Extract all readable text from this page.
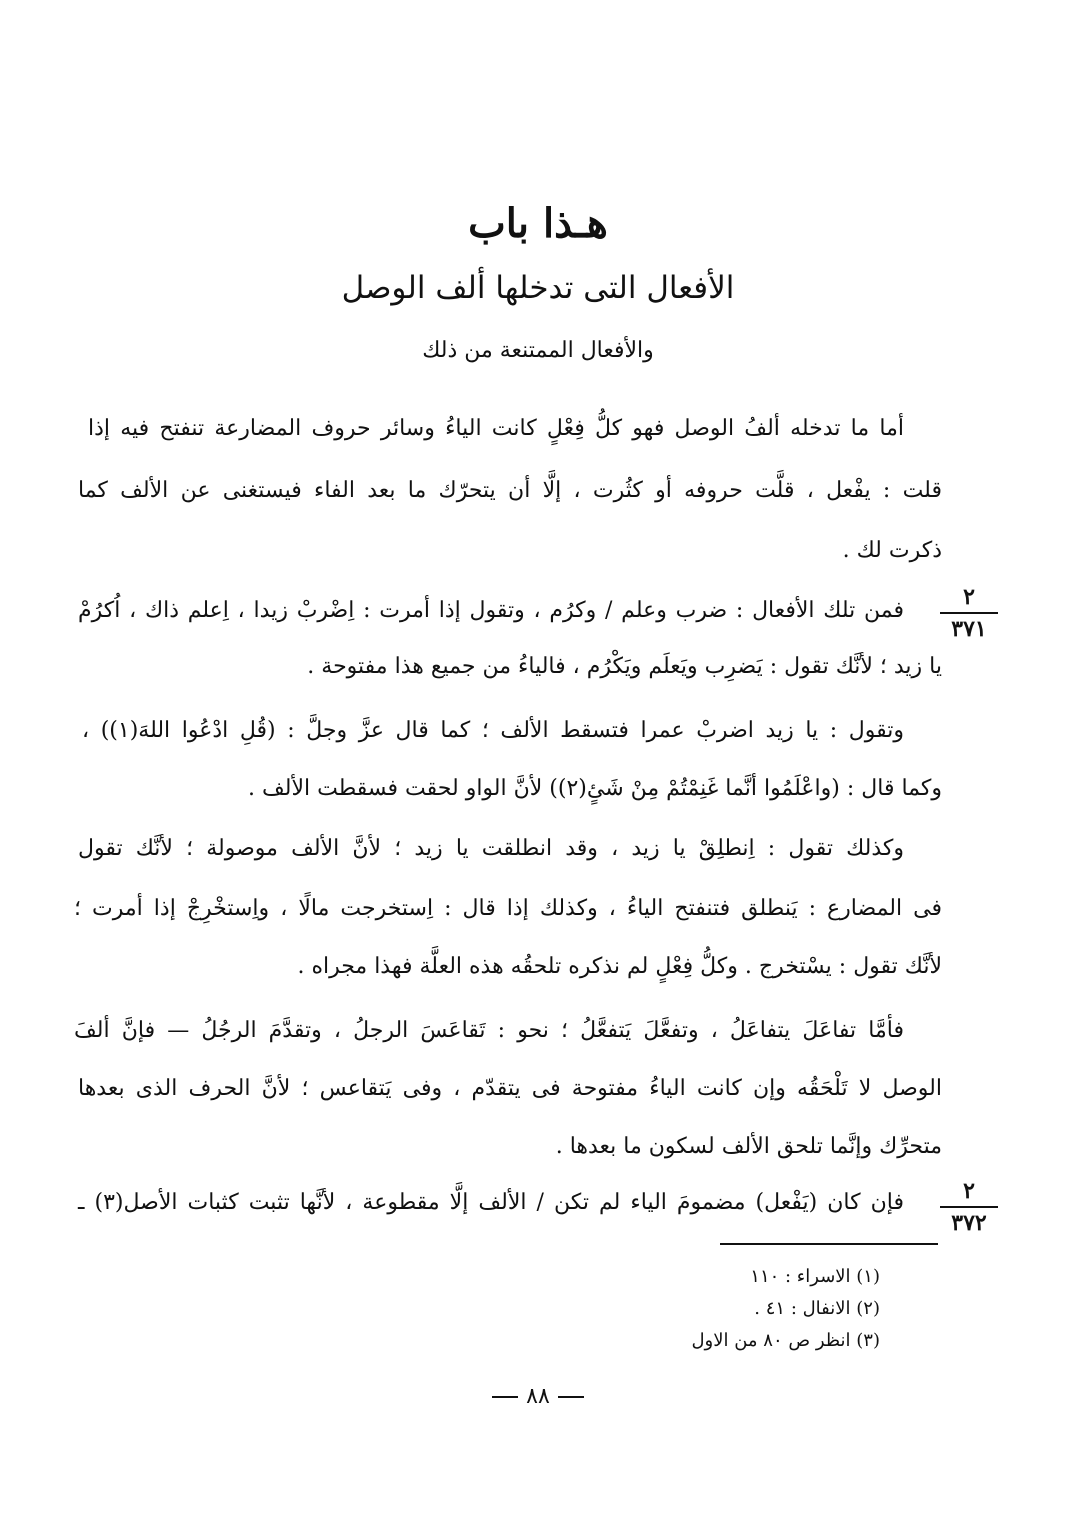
هـذا باب
الأفعال التى تدخلها ألف الوصل
والأفعال الممتنعة من ذلك
أما ما تدخله ألفُ الوصل فهو كلُّ فِعْلٍ كانت الياءُ وسائر حروف المضارعة تنفتح فيه إذا
قلت : يفْعل ، قلَّت حروفه أو كثُرت ، إلَّا أن يتحرّك ما بعد الفاء فيستغنى عن الألف كما
ذكرت لك .
٢
٣٧١
فمن تلك الأفعال : ضرب وعلم / وكرُم ، وتقول إذا أمرت : اِضْربْ زيدا ، اِعلم ذاك ، اُكرُمْ
يا زيد ؛ لأنَّك تقول : يَضرِب ويَعلَم ويَكْرُم ، فالياءُ من جميع هذا مفتوحة .
وتقول : يا زيد اضربْ عمرا فتسقط الألف ؛ كما قال عزَّ وجلَّ : (قُلِ ادْعُوا اللهَ(١)) ،
وكما قال : (واعْلَمُوا أنَّما غَنِمْتُمْ مِنْ شَئٍ(٢)) لأنَّ الواو لحقت فسقطت الألف .
وكذلك تقول : اِنطلِقْ يا زيد ، وقد انطلقت يا زيد ؛ لأنَّ الألف موصولة ؛ لأنَّك تقول
فى المضارع : يَنطلق فتنفتح الياءُ ، وكذلك إذا قال : اِستخرجت مالًا ، واِستخْرِجْ إذا أمرت ؛
لأنَّك تقول : يسْتخرج . وكلُّ فِعْلٍ لم نذكره تلحقُه هذه العلَّة فهذا مجراه .
فأمَّا تفاعَلَ يتفاعَلُ ، وتفعَّلَ يَتفعَّلُ ؛ نحو : تَقاعَسَ الرجلُ ، وتقدَّمَ الرجُلُ — فإنَّ ألفَ
الوصل لا تَلْحَقُه وإن كانت الياءُ مفتوحة فى يتقدّم ، وفى يَتقاعس ؛ لأنَّ الحرف الذى بعدها
متحرِّك وإنَّما تلحق الألف لسكون ما بعدها .
٢
٣٧٢
فإن كان (يَفْعل) مضمومَ الياء لم تكن / الألف إلَّا مقطوعة ، لأنَّها تثبت كثبات الأصل(٣) ـ
(١) الاسراء : ١١٠
(٢) الانفال : ٤١ .
(٣) انظر ص ٨٠ من الاول
٨٨
